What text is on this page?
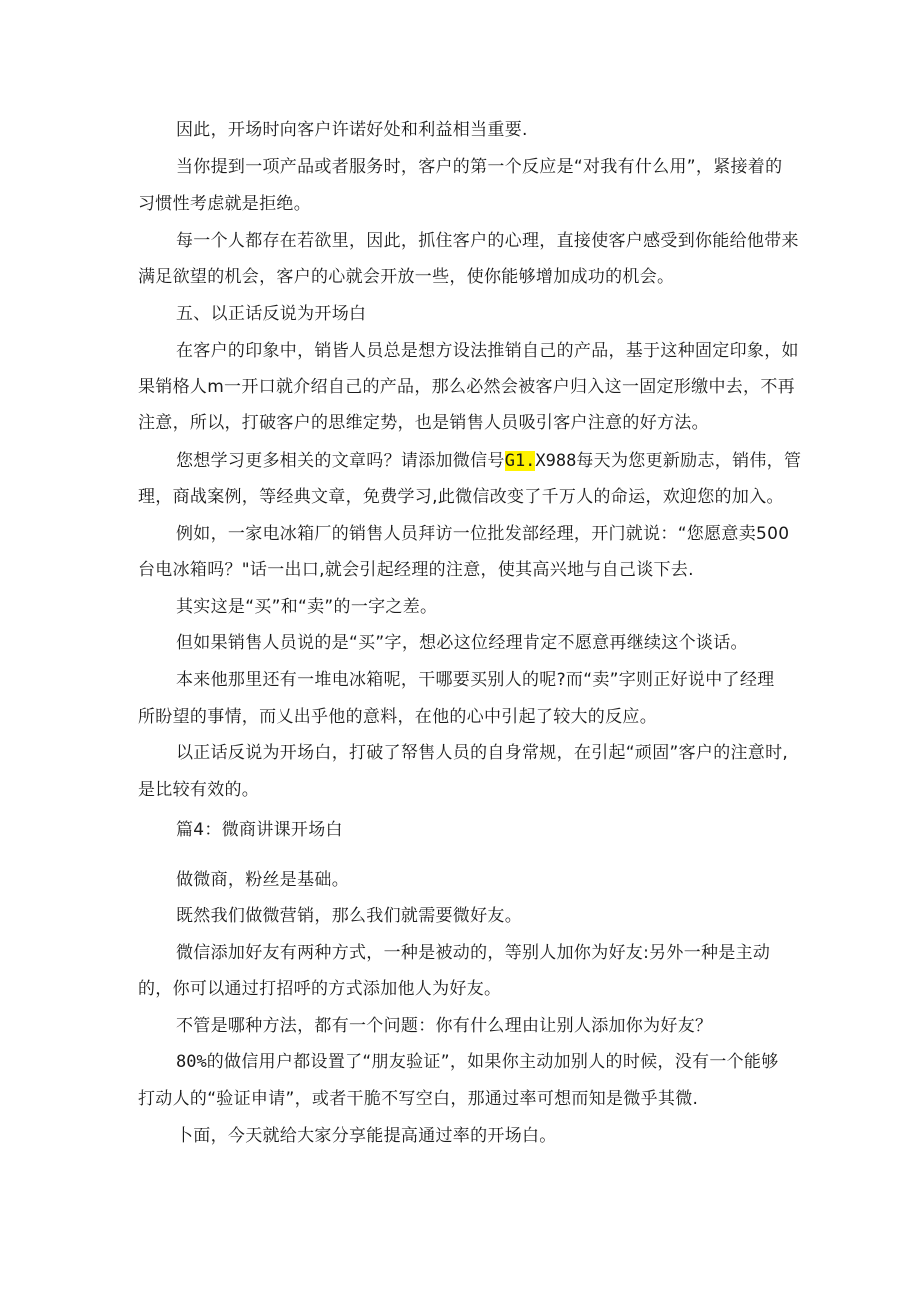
因此，开场时向客户许诺好处和利益相当重要.
当你提到一项产品或者服务时，客户的第一个反应是“对我有什么用”，紧接着的
习惯性考虑就是拒绝。
每一个人都存在若欲里，因此，抓住客户的心理，直接使客户感受到你能给他带来
满足欲望的机会，客户的心就会开放一些，使你能够增加成功的机会。
五、以正话反说为开场白
在客户的印象中，销皆人员总是想方设法推销自己的产品，基于这种固定印象，如
果销格人m一开口就介绍自己的产品，那么必然会被客户归入这一固定形缴中去，不再
注意，所以，打破客户的思维定势，也是销售人员吸引客户注意的好方法。
您想学习更多相关的文章吗？请添加微信号G1.X988每天为您更新励志，销伟，管
理，商战案例，等经典文章，免费学习,此微信改变了千万人的命运，欢迎您的加入。
例如，一家电冰箱厂的销售人员拜访一位批发部经理，开门就说：“您愿意卖500
台电冰箱吗？"话一出口,就会引起经理的注意，使其高兴地与自己谈下去.
其实这是“买”和“卖”的一字之差。
但如果销售人员说的是“买”字，想必这位经理肯定不愿意再继续这个谈话。
本来他那里还有一堆电冰箱呢，干哪要买别人的呢?而“卖”字则正好说中了经理
所盼望的事情，而乂出乎他的意料，在他的心中引起了较大的反应。
以正话反说为开场白，打破了帑售人员的自身常规，在引起“顽固”客户的注意时,
是比较有效的。
篇4：微商讲课开场白
做微商，粉丝是基础。
既然我们做微营销，那么我们就需要微好友。
微信添加好友有两种方式，一种是被动的，等别人加你为好友:另外一种是主动
的，你可以通过打招呼的方式添加他人为好友。
不管是哪种方法，都有一个问题：你有什么理由让别人添加你为好友？
80%的做信用户都设置了“朋友验证”，如果你主动加别人的时候，没有一个能够
打动人的“验证申请”，或者干脆不写空白，那通过率可想而知是微乎其微.
卜面，今天就给大家分享能提高通过率的开场白。
